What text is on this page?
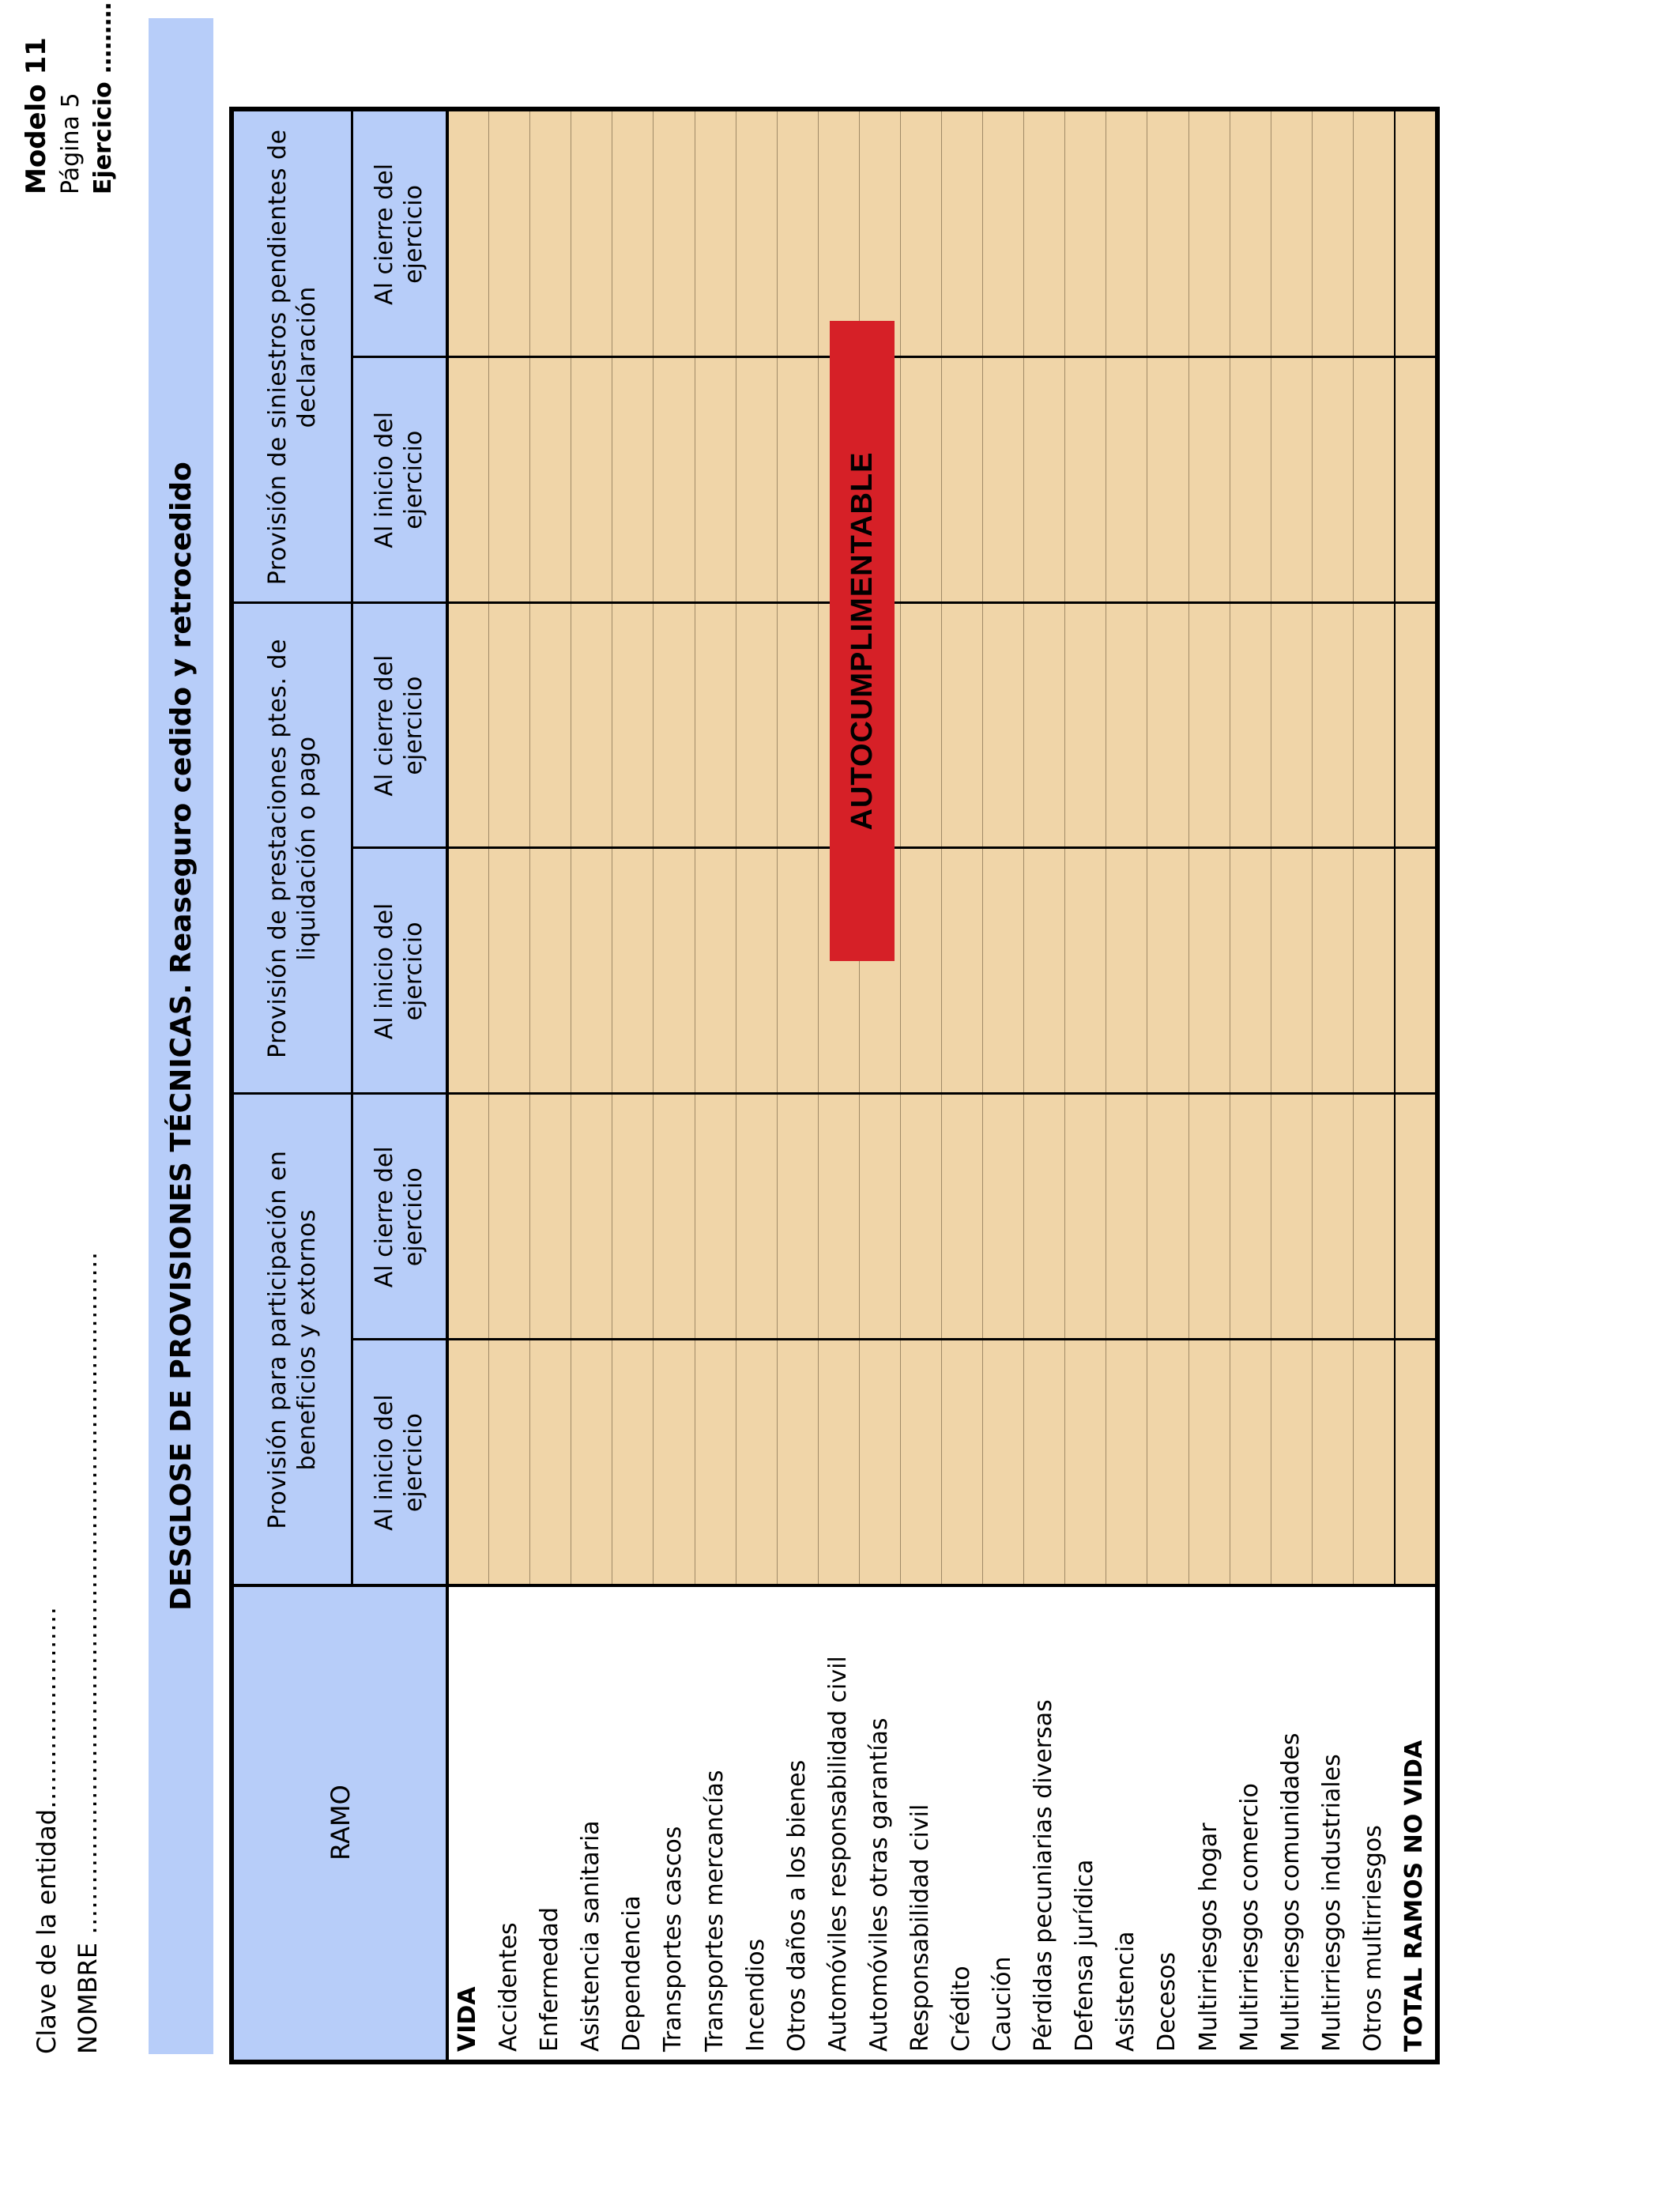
Clave de la entidad…………………… NOMBRE ………………………………………………………………………
Modelo 11 Página 5 Ejercicio ………
DESGLOSE DE PROVISIONES TÉCNICAS. Reaseguro cedido y retrocedido
RAMO
Provisión para participación en beneficios y extornos
Provisión de prestaciones ptes. de liquidación o pago
Provisión de siniestros pendientes de declaración
Al inicio del ejercicio
Al cierre del ejercicio
Al inicio del ejercicio
Al cierre del ejercicio
Al inicio del ejercicio
Al cierre del ejercicio
VIDA Accidentes Enfermedad Asistencia sanitaria Dependencia Transportes cascos Transportes mercancías Incendios Otros daños a los bienes Automóviles responsabilidad civil Automóviles otras garantías Responsabilidad civil Crédito Caución Pérdidas pecuniarias diversas Defensa jurídica Asistencia Decesos Multirriesgos hogar Multirriesgos comercio Multirriesgos comunidades Multirriesgos industriales Otros multirriesgos TOTAL RAMOS NO VIDA
AUTOCUMPLIMENTABLE
